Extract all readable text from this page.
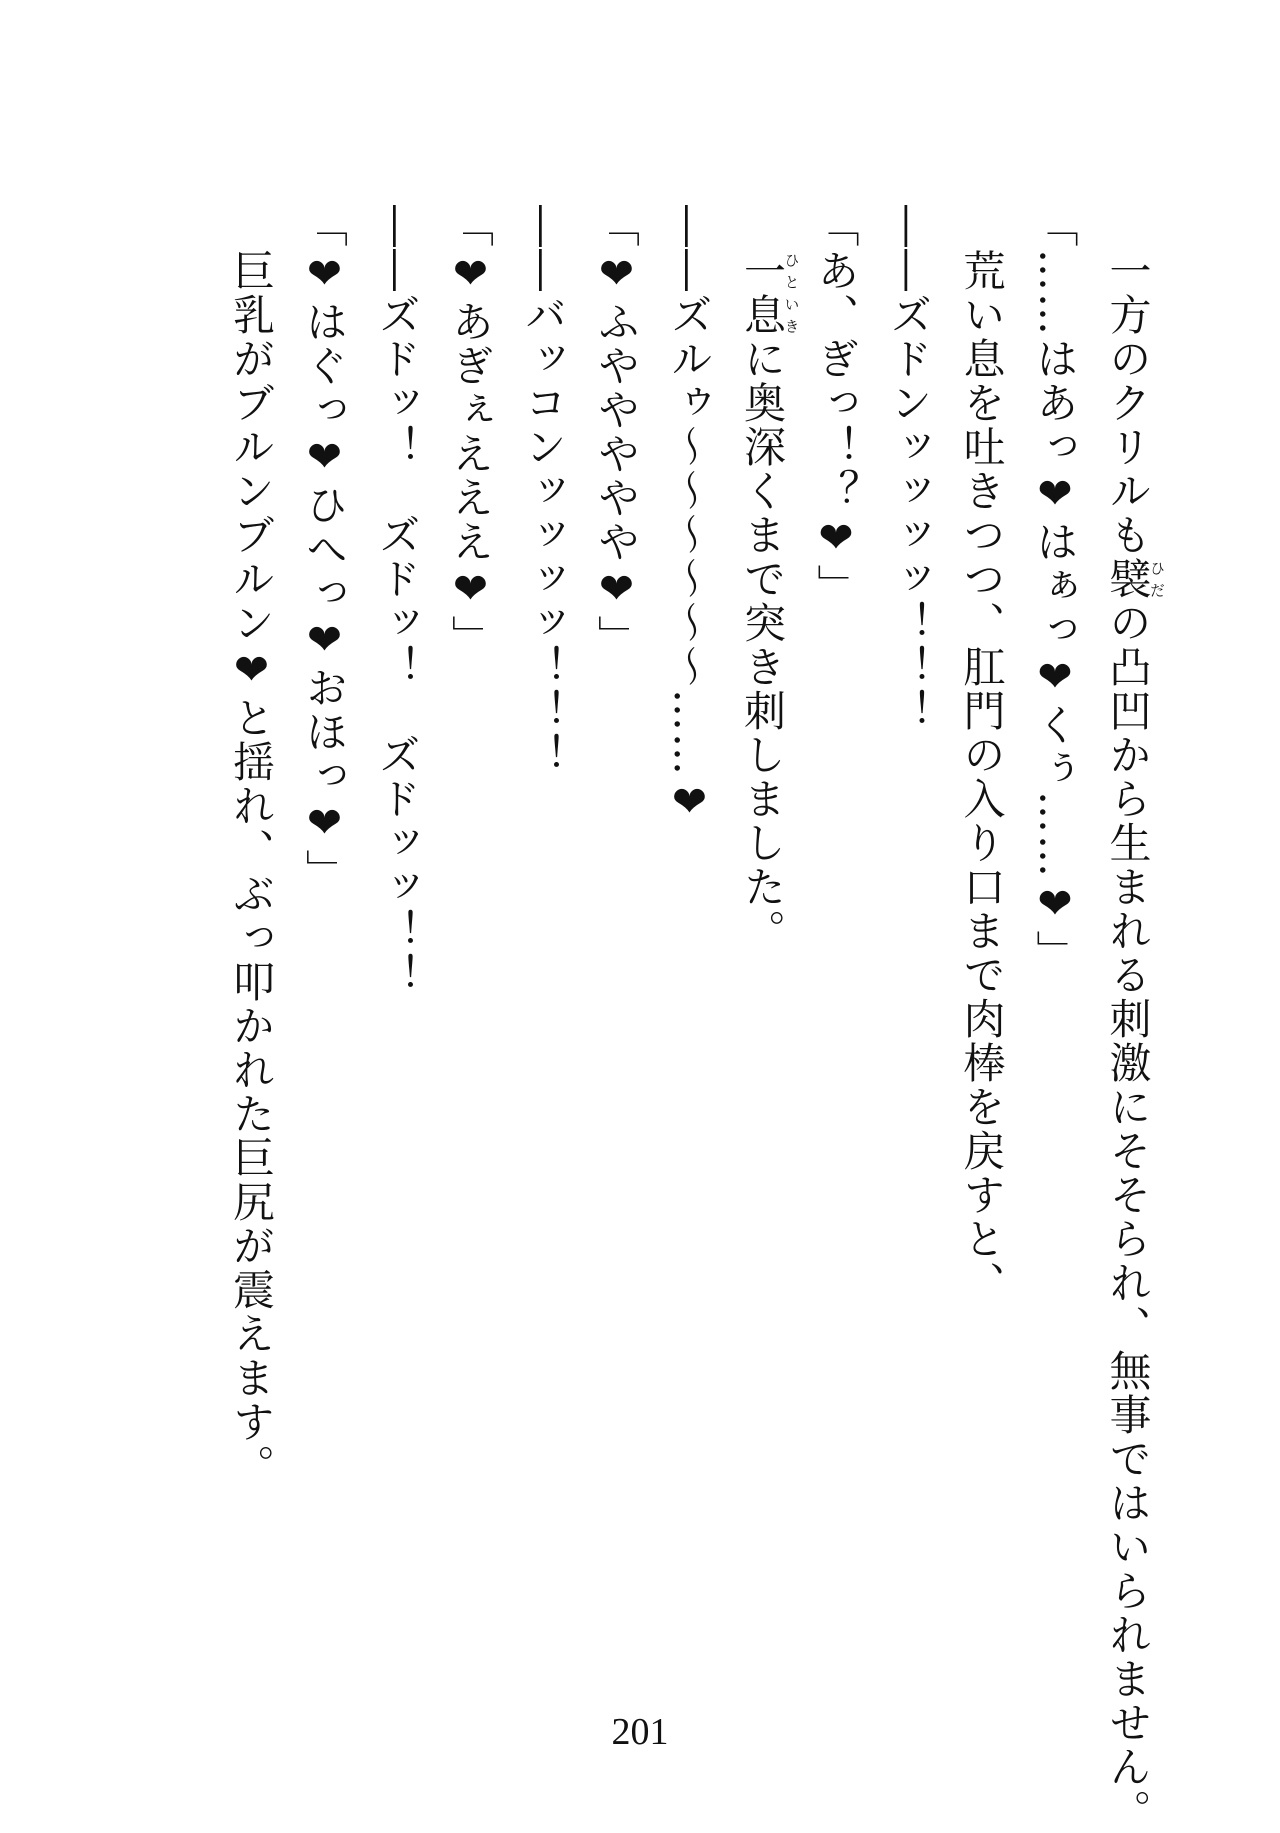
　一方のクリルも襞ひだの凸凹から生まれる刺激にそそられ、無事ではいられません。
「……はあっ❤はぁっ❤くぅ……❤」
　荒い息を吐きつつ、肛門の入り口まで肉棒を戻すと、
――ズドンッッッッ！！！
「あ、ぎっ！？❤」
　一息ひといきに奥深くまで突き刺しました。
――ズルゥ〜〜〜〜〜〜……❤
「❤ふややややや❤」
――バッコンッッッッ！！！
「❤あぎぇえええ❤」
――ズドッ！　ズドッ！　ズドッッ！！
「❤はぐっ❤ひへっ❤おほっ❤」
　巨乳がブルンブルン❤と揺れ、ぶっ叩かれた巨尻が震えます。
201
